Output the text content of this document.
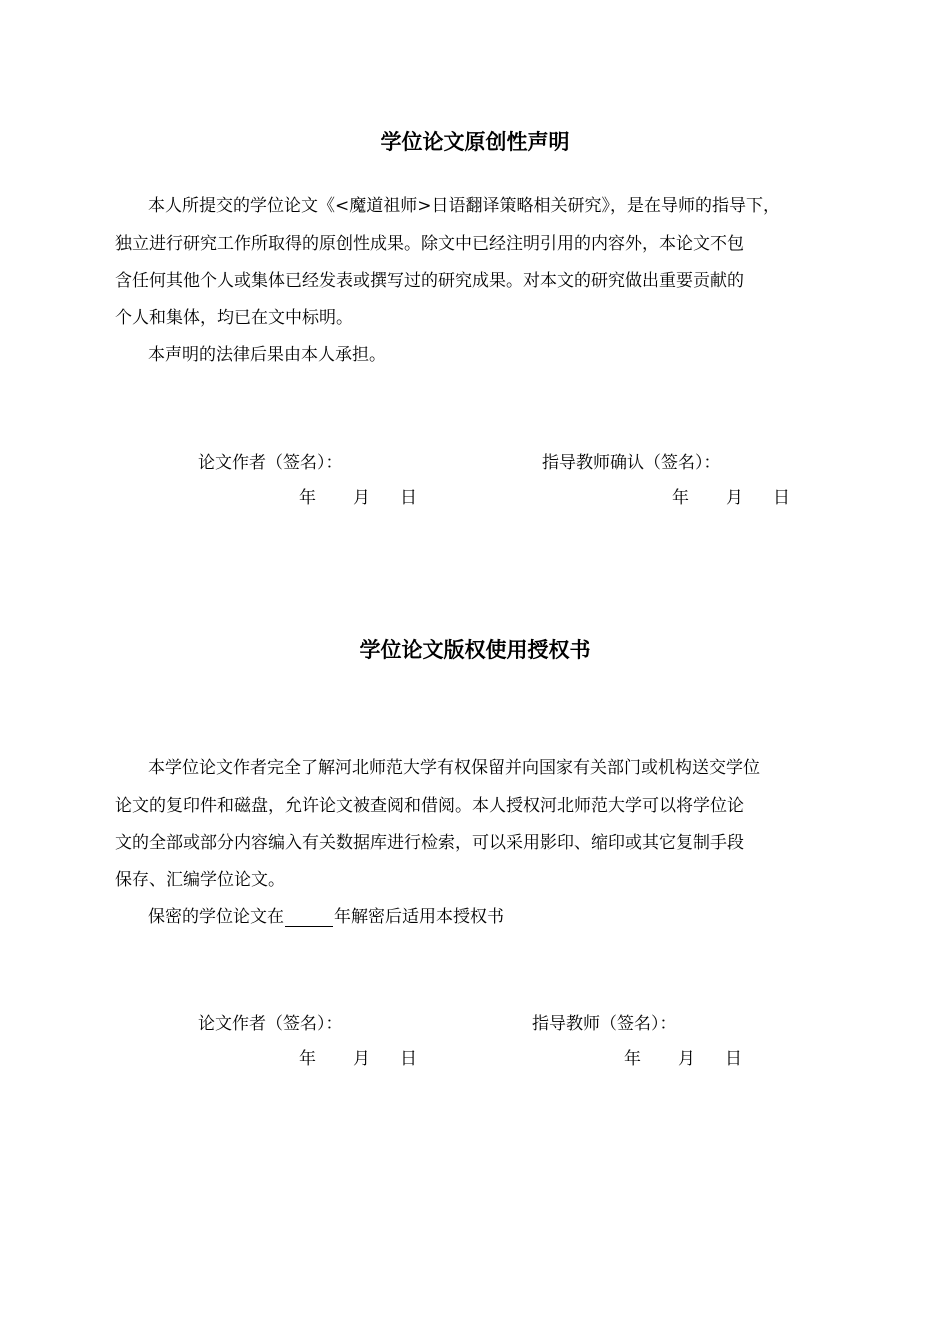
学位论文原创性声明
本人所提交的学位论文《<魔道祖师>日语翻译策略相关研究》，是在导师的指导下，
独立进行研究工作所取得的原创性成果。除文中已经注明引用的内容外，本论文不包
含任何其他个人或集体已经发表或撰写过的研究成果。对本文的研究做出重要贡献的
个人和集体，均已在文中标明。
本声明的法律后果由本人承担。
论文作者（签名）：	指导教师确认（签名）：
年 月 日	年 月 日
学位论文版权使用授权书
本学位论文作者完全了解河北师范大学有权保留并向国家有关部门或机构送交学位
论文的复印件和磁盘，允许论文被查阅和借阅。本人授权河北师范大学可以将学位论
文的全部或部分内容编入有关数据库进行检索，可以采用影印、缩印或其它复制手段
保存、汇编学位论文。
保密的学位论文在	年解密后适用本授权书
论文作者（签名）：	指导教师（签名）：
年 月 日	年 月 日
